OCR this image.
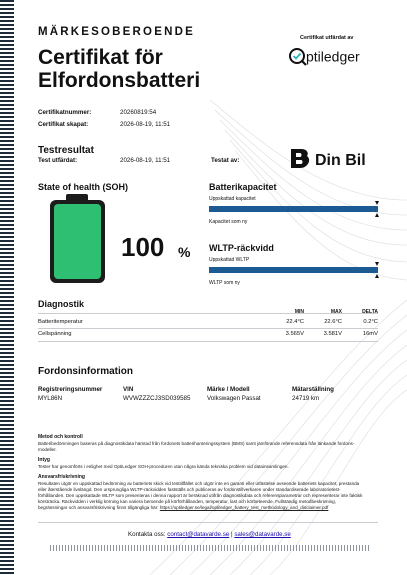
MÄRKESOBEROENDE
Certifikat för
Elfordonsbatteri
Certifikat utfärdat av
ptiledger
Certifikatnummer:	20260819:54
Certifikat skapat:	2026-08-19, 11:51
Testresultat
Test utfärdat:	2026-08-19, 11:51	Testat av:	Din Bil
State of health (SOH)
100 %
Batterikapacitet
Uppskattad kapacitet
Kapacitet som ny
WLTP-räckvidd
Uppskattad WLTP
WLTP som ny
Diagnostik
MIN	MAX	DELTA
Batteritemperatur	22.4°C	22.6°C	0.2°C
Cellspänning	3.565V	3.581V	16mV
Fordonsinformation
Registreringsnummer
MYL86N
VIN
WVWZZZCJ3SD039585
Märke / Modell
Volkswagen Passat
Mätarställning
24719 km
Metod och kontroll
Batteribedömningen baseras på diagnostikdata hämtad från fordonets batterihanteringssystem (BMS) samt jämförande referensdata från länkande fordons-
modeller.
Intyg
Tester har genomförts i enlighet med OptiLedger SOH-proceduren utan några kända tekniska problem vid datainsamlingen.
Ansvarsfriskrivning
Resultaten utgör en uppskattad bedömning av batteriets skick vid testtillfället och utgör inte en garanti eller utfästelse avseende batteriets kapacitet, prestanda
eller återstående livslängd. Den ursprungliga WLTP-räckvidden fastställs och publiceras av fordonstillverkaren under standardiserade laboratorietest-
förhållanden. Den uppskattade WLTP som presenteras i denna rapport är beräknad utifrån diagnostikdata och referensparametrar och representerar inte faktisk
körsträcka. Räckvidden i verklig körning kan variera beroende på körförhållanden, temperatur, last och körbeteende. Fullständig metodbeskrivning,
begränsningar och ansvarsfriskrivning finns tillgängliga här: https://optiledger.se/legal/optiledger_battery_test_methodology_and_disclaimer.pdf
Kontakta oss: contact@datavarde.se | sales@datavarde.se
